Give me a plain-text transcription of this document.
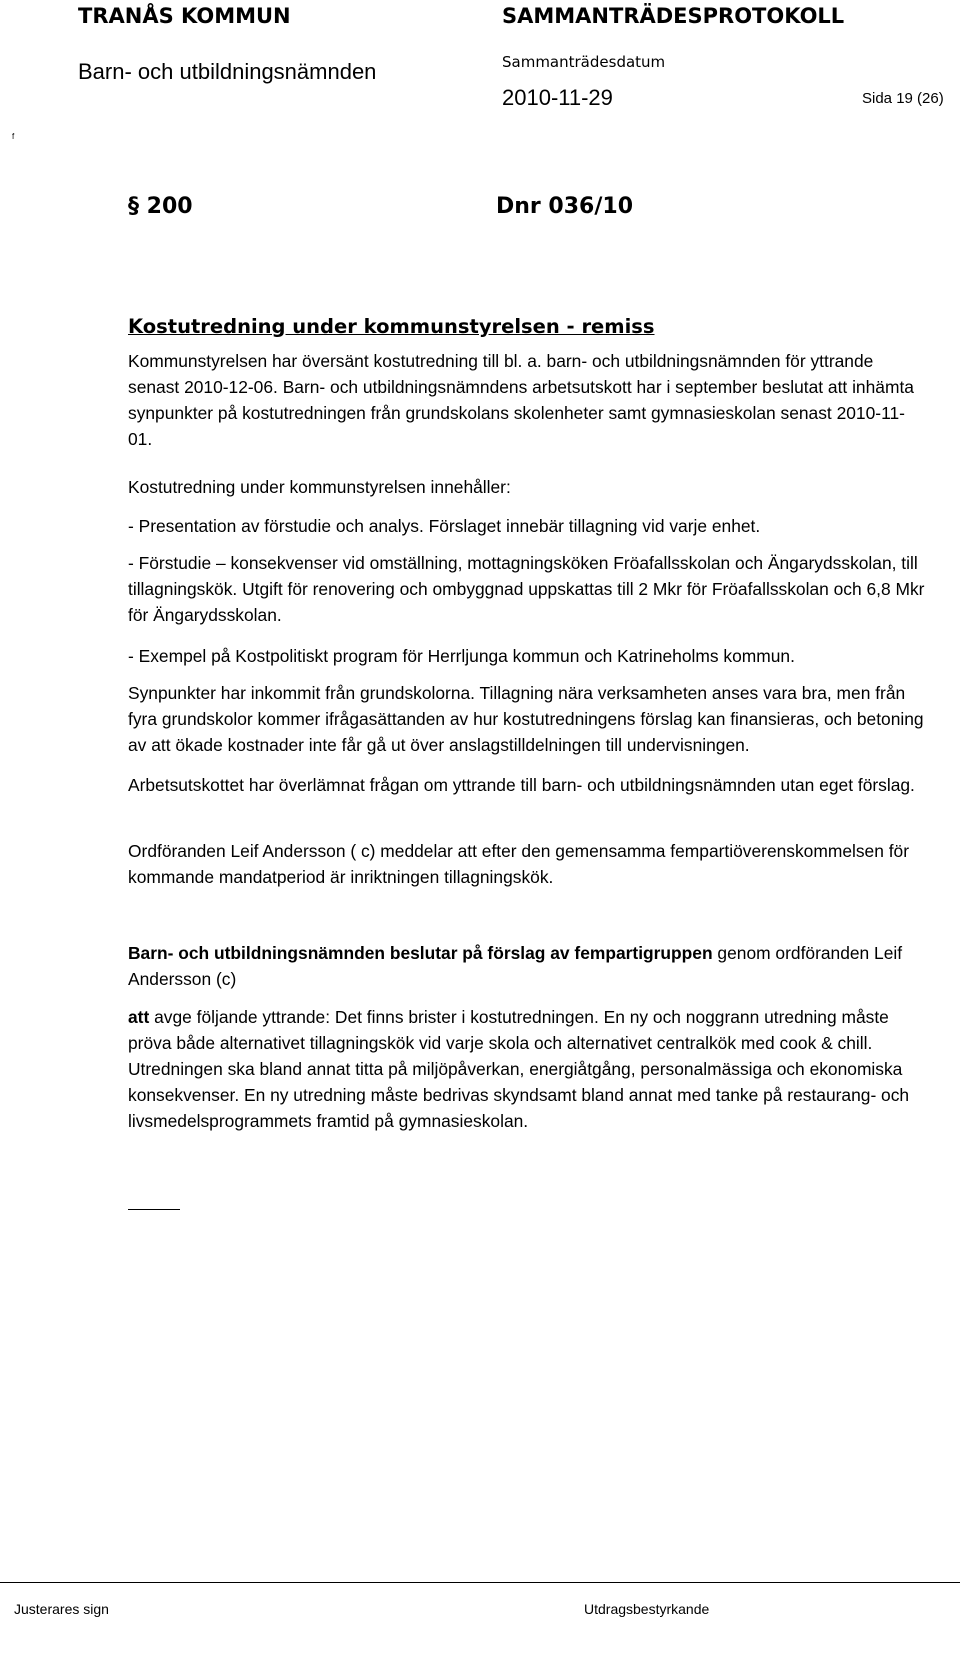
TRANÅS KOMMUN	SAMMANTRÄDESPROTOKOLL
Barn- och utbildningsnämnden	Sammanträdesdatum
2010-11-29	Sida 19 (26)
f
§ 200	Dnr 036/10
Kostutredning under kommunstyrelsen - remiss

Kommunstyrelsen har översänt kostutredning till bl. a. barn- och utbildningsnämnden för yttrande senast 2010-12-06. Barn- och utbildningsnämndens arbetsutskott har i september beslutat att inhämta synpunkter på kostutredningen från grundskolans skolenheter samt gymnasieskolan senast 2010-11-01.

Kostutredning under kommunstyrelsen innehåller:

- Presentation av förstudie och analys. Förslaget innebär tillagning vid varje enhet.

- Förstudie – konsekvenser vid omställning, mottagningsköken Fröafallsskolan och Ängarydsskolan, till tillagningskök. Utgift för renovering och ombyggnad uppskattas till 2 Mkr för Fröafallsskolan och 6,8 Mkr för Ängarydsskolan.

- Exempel på Kostpolitiskt program för Herrljunga kommun och Katrineholms kommun.

Synpunkter har inkommit från grundskolorna. Tillagning nära verksamheten anses vara bra, men från fyra grundskolor kommer ifrågasättanden av hur kostutredningens förslag kan finansieras, och betoning av att ökade kostnader inte får gå ut över anslagstilldelningen till undervisningen.

Arbetsutskottet har överlämnat frågan om yttrande till barn- och utbildningsnämnden utan eget förslag.

Ordföranden Leif Andersson ( c) meddelar att efter den gemensamma fempartiöverenskommelsen för kommande mandatperiod är inriktningen tillagningskök.

Barn- och utbildningsnämnden beslutar på förslag av fempartigruppen genom ordföranden Leif Andersson (c)

att avge följande yttrande: Det finns brister i kostutredningen. En ny och noggrann utredning måste pröva både alternativet tillagningskök vid varje skola och alternativet centralkök med cook & chill. Utredningen ska bland annat titta på miljöpåverkan, energiåtgång, personalmässiga och ekonomiska konsekvenser. En ny utredning måste bedrivas skyndsamt bland annat med tanke på restaurang- och livsmedelsprogrammets framtid på gymnasieskolan.

Justerares sign	Utdragsbestyrkande
